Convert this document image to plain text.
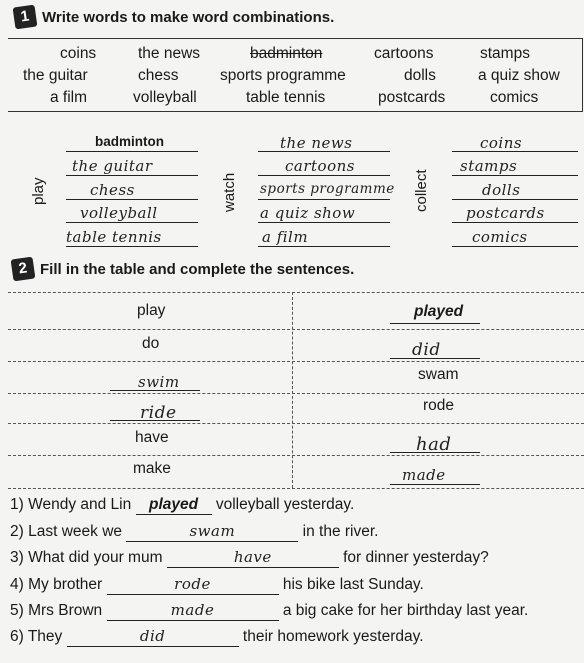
1 Write words to make word combinations.
coins	the news	badminton	cartoons	stamps
the guitar	chess	sports programme	dolls	a quiz show
a film	volleyball	table tennis	postcards	comics
play	watch	collect
badminton
the guitar
chess
volleyball
table tennis
the news
cartoons
sports programme
a quiz show
a film
coins
stamps
dolls
postcards
comics
2 Fill in the table and complete the sentences.
play	played
do	did
swim	swam
ride	rode
have	had
make	made
1) Wendy and Lin played volleyball yesterday.
2) Last week we	swam	in the river.
3) What did your mum	have	for dinner yesterday?
4) My brother	rode	his bike last Sunday.
5) Mrs Brown	made	a big cake for her birthday last year.
6) They	did	their homework yesterday.
